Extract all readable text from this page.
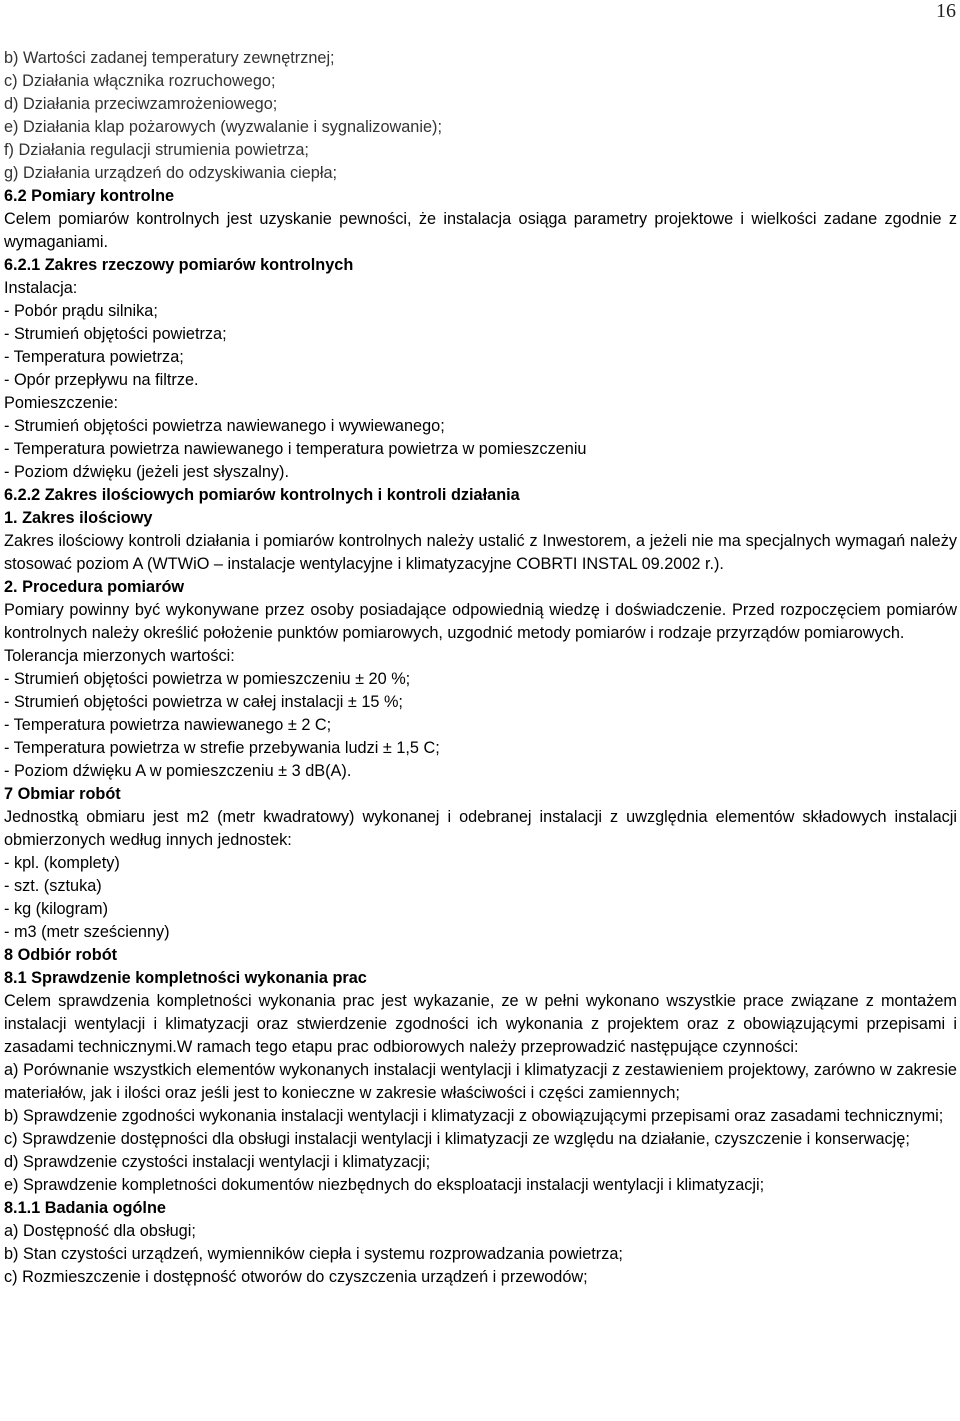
16

b) Wartości zadanej temperatury zewnętrznej;

c) Działania włącznika rozruchowego;

d) Działania przeciwzamrożeniowego;

e) Działania klap pożarowych (wyzwalanie i sygnalizowanie);

f) Działania regulacji strumienia powietrza;

g) Działania urządzeń do odzyskiwania ciepła;

6.2 Pomiary kontrolne

Celem pomiarów kontrolnych jest uzyskanie pewności, że instalacja osiąga parametry projektowe i wielkości zadane zgodnie z wymaganiami.

6.2.1 Zakres rzeczowy pomiarów kontrolnych

Instalacja:

- Pobór prądu silnika;

- Strumień objętości powietrza;

- Temperatura powietrza;

- Opór przepływu na filtrze.

Pomieszczenie:

- Strumień objętości powietrza nawiewanego i wywiewanego;

- Temperatura powietrza nawiewanego i temperatura powietrza w pomieszczeniu

- Poziom dźwięku (jeżeli jest słyszalny).

6.2.2 Zakres ilościowych pomiarów kontrolnych i kontroli działania

1. Zakres ilościowy

Zakres ilościowy kontroli działania i pomiarów kontrolnych należy ustalić z Inwestorem, a jeżeli nie ma specjalnych wymagań należy stosować poziom A (WTWiO – instalacje wentylacyjne i klimatyzacyjne COBRTI INSTAL 09.2002 r.).

2. Procedura pomiarów

Pomiary powinny być wykonywane przez osoby posiadające odpowiednią wiedzę i doświadczenie. Przed rozpoczęciem pomiarów kontrolnych należy określić położenie punktów pomiarowych, uzgodnić metody pomiarów i rodzaje przyrządów pomiarowych.

Tolerancja mierzonych wartości:

- Strumień objętości powietrza w pomieszczeniu ± 20 %;

- Strumień objętości powietrza w całej instalacji ± 15 %;

- Temperatura powietrza nawiewanego ± 2 C;

- Temperatura powietrza w strefie przebywania ludzi ± 1,5 C;

- Poziom dźwięku A w pomieszczeniu ± 3 dB(A).

7 Obmiar robót

Jednostką obmiaru jest m2 (metr kwadratowy) wykonanej i odebranej instalacji z uwzględnia elementów składowych instalacji obmierzonych według innych jednostek:

- kpl. (komplety)

- szt. (sztuka)

- kg (kilogram)

- m3 (metr sześcienny)

8 Odbiór robót

8.1 Sprawdzenie kompletności wykonania prac

Celem sprawdzenia kompletności wykonania prac jest wykazanie, ze w pełni wykonano wszystkie prace związane z montażem instalacji wentylacji i klimatyzacji oraz stwierdzenie zgodności ich wykonania z projektem oraz z obowiązującymi przepisami i zasadami technicznymi.W ramach tego etapu prac odbiorowych należy przeprowadzić następujące czynności:

a) Porównanie wszystkich elementów wykonanych instalacji wentylacji i klimatyzacji z zestawieniem projektowy, zarówno w zakresie materiałów, jak i ilości oraz jeśli jest to konieczne w zakresie właściwości i części zamiennych;

b) Sprawdzenie zgodności wykonania instalacji wentylacji i klimatyzacji z obowiązującymi przepisami oraz zasadami technicznymi;

c) Sprawdzenie dostępności dla obsługi instalacji wentylacji i klimatyzacji ze względu na działanie, czyszczenie i konserwację;

d) Sprawdzenie czystości instalacji wentylacji i klimatyzacji;

e) Sprawdzenie kompletności dokumentów niezbędnych do eksploatacji instalacji wentylacji i klimatyzacji;

8.1.1 Badania ogólne

a) Dostępność dla obsługi;

b) Stan czystości urządzeń, wymienników ciepła i systemu rozprowadzania powietrza;

c) Rozmieszczenie i dostępność otworów do czyszczenia urządzeń i przewodów;
